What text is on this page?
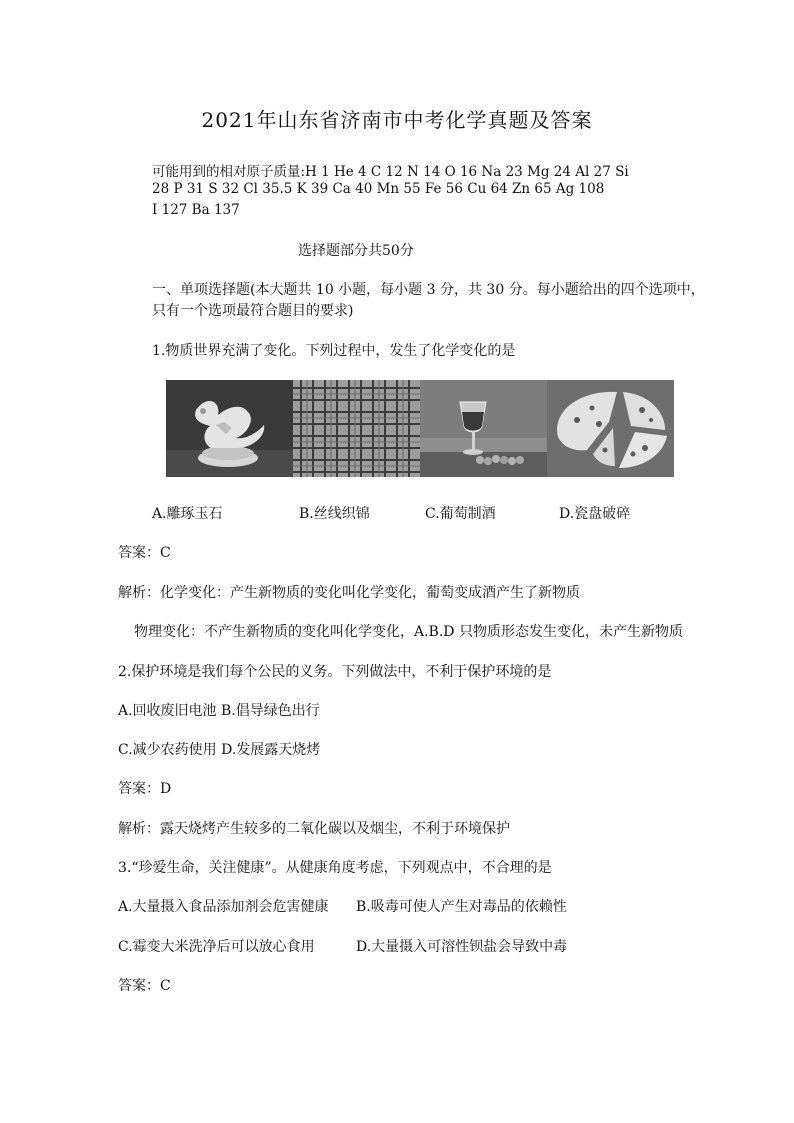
2021年山东省济南市中考化学真题及答案
可能用到的相对原子质量:H 1 He 4 C 12 N 14 O 16 Na 23 Mg 24 Al 27 Si
28 P 31 S 32 Cl 35.5 K 39 Ca 40 Mn 55 Fe 56 Cu 64 Zn 65 Ag 108
I 127 Ba 137
选择题部分共50分
一、单项选择题(本大题共 10 小题，每小题 3 分，共 30 分。每小题给出的四个选项中，
只有一个选项最符合题目的要求)
1.物质世界充满了变化。下列过程中，发生了化学变化的是
A.雕琢玉石	B.丝线织锦	C.葡萄制酒	D.瓷盘破碎
答案：C
解析：化学变化：产生新物质的变化叫化学变化，葡萄变成酒产生了新物质
物理变化：不产生新物质的变化叫化学变化，A.B.D 只物质形态发生变化，未产生新物质
2.保护环境是我们每个公民的义务。下列做法中，不利于保护环境的是
A.回收废旧电池 B.倡导绿色出行
C.减少农药使用 D.发展露天烧烤
答案：D
解析：露天烧烤产生较多的二氧化碳以及烟尘，不利于环境保护
3.“珍爱生命，关注健康”。从健康角度考虑，下列观点中，不合理的是
A.大量摄入食品添加剂会危害健康 B.吸毒可使人产生对毒品的依赖性
C.霉变大米洗净后可以放心食用	D.大量摄入可溶性钡盐会导致中毒
答案：C
